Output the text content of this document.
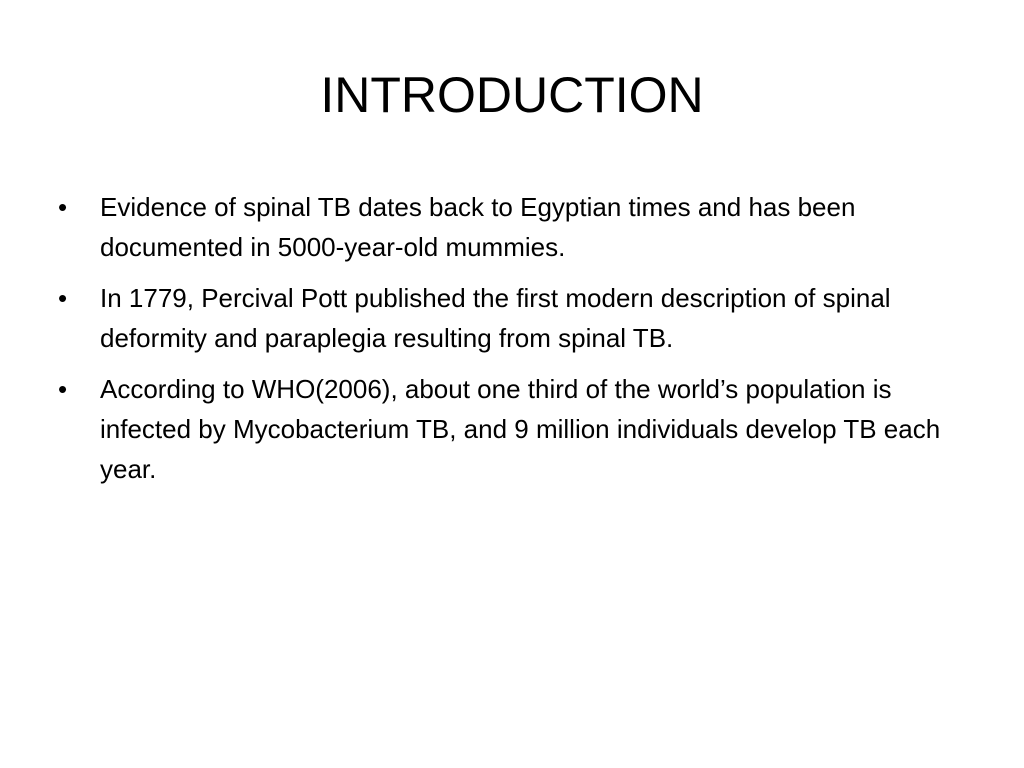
INTRODUCTION
• Evidence of spinal TB dates back to Egyptian times and has been documented in 5000-year-old mummies.
• In 1779, Percival Pott published the first modern description of spinal deformity and paraplegia resulting from spinal TB.
• According to WHO(2006), about one third of the world’s population is infected by Mycobacterium TB, and 9 million individuals develop TB each year.
